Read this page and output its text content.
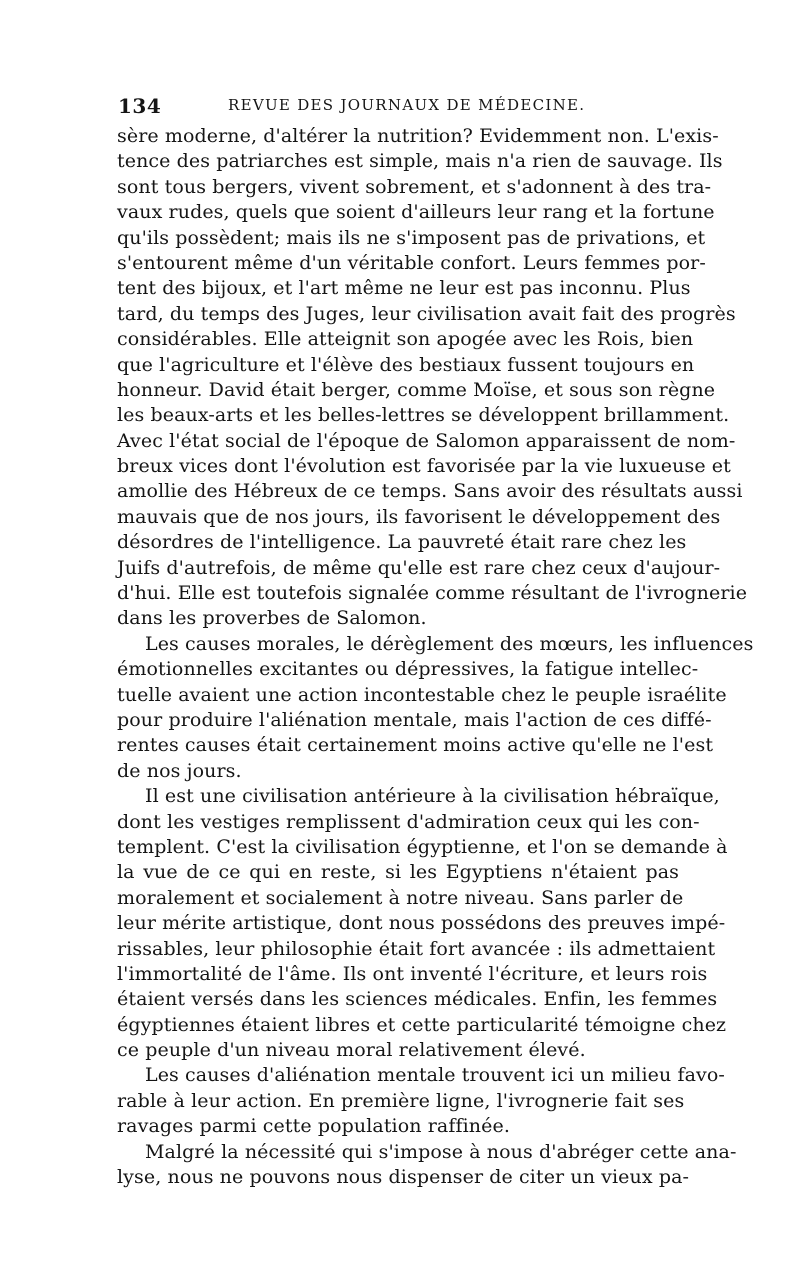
134	REVUE DES JOURNAUX DE MÉDECINE.
sère moderne, d'altérer la nutrition? Evidemment non. L'exis-
tence des patriarches est simple, mais n'a rien de sauvage. Ils
sont tous bergers, vivent sobrement, et s'adonnent à des tra-
vaux rudes, quels que soient d'ailleurs leur rang et la fortune
qu'ils possèdent; mais ils ne s'imposent pas de privations, et
s'entourent même d'un véritable confort. Leurs femmes por-
tent des bijoux, et l'art même ne leur est pas inconnu. Plus
tard, du temps des Juges, leur civilisation avait fait des progrès
considérables. Elle atteignit son apogée avec les Rois, bien
que l'agriculture et l'élève des bestiaux fussent toujours en
honneur. David était berger, comme Moïse, et sous son règne
les beaux-arts et les belles-lettres se développent brillamment.
Avec l'état social de l'époque de Salomon apparaissent de nom-
breux vices dont l'évolution est favorisée par la vie luxueuse et
amollie des Hébreux de ce temps. Sans avoir des résultats aussi
mauvais que de nos jours, ils favorisent le développement des
désordres de l'intelligence. La pauvreté était rare chez les
Juifs d'autrefois, de même qu'elle est rare chez ceux d'aujour-
d'hui. Elle est toutefois signalée comme résultant de l'ivrognerie
dans les proverbes de Salomon.
Les causes morales, le dérèglement des mœurs, les influences
émotionnelles excitantes ou dépressives, la fatigue intellec-
tuelle avaient une action incontestable chez le peuple israélite
pour produire l'aliénation mentale, mais l'action de ces diffé-
rentes causes était certainement moins active qu'elle ne l'est
de nos jours.
Il est une civilisation antérieure à la civilisation hébraïque,
dont les vestiges remplissent d'admiration ceux qui les con-
templent. C'est la civilisation égyptienne, et l'on se demande à
la vue de ce qui en reste, si les Egyptiens n'étaient pas
moralement et socialement à notre niveau. Sans parler de
leur mérite artistique, dont nous possédons des preuves impé-
rissables, leur philosophie était fort avancée : ils admettaient
l'immortalité de l'âme. Ils ont inventé l'écriture, et leurs rois
étaient versés dans les sciences médicales. Enfin, les femmes
égyptiennes étaient libres et cette particularité témoigne chez
ce peuple d'un niveau moral relativement élevé.
Les causes d'aliénation mentale trouvent ici un milieu favo-
rable à leur action. En première ligne, l'ivrognerie fait ses
ravages parmi cette population raffinée.
Malgré la nécessité qui s'impose à nous d'abréger cette ana-
lyse, nous ne pouvons nous dispenser de citer un vieux pa-
